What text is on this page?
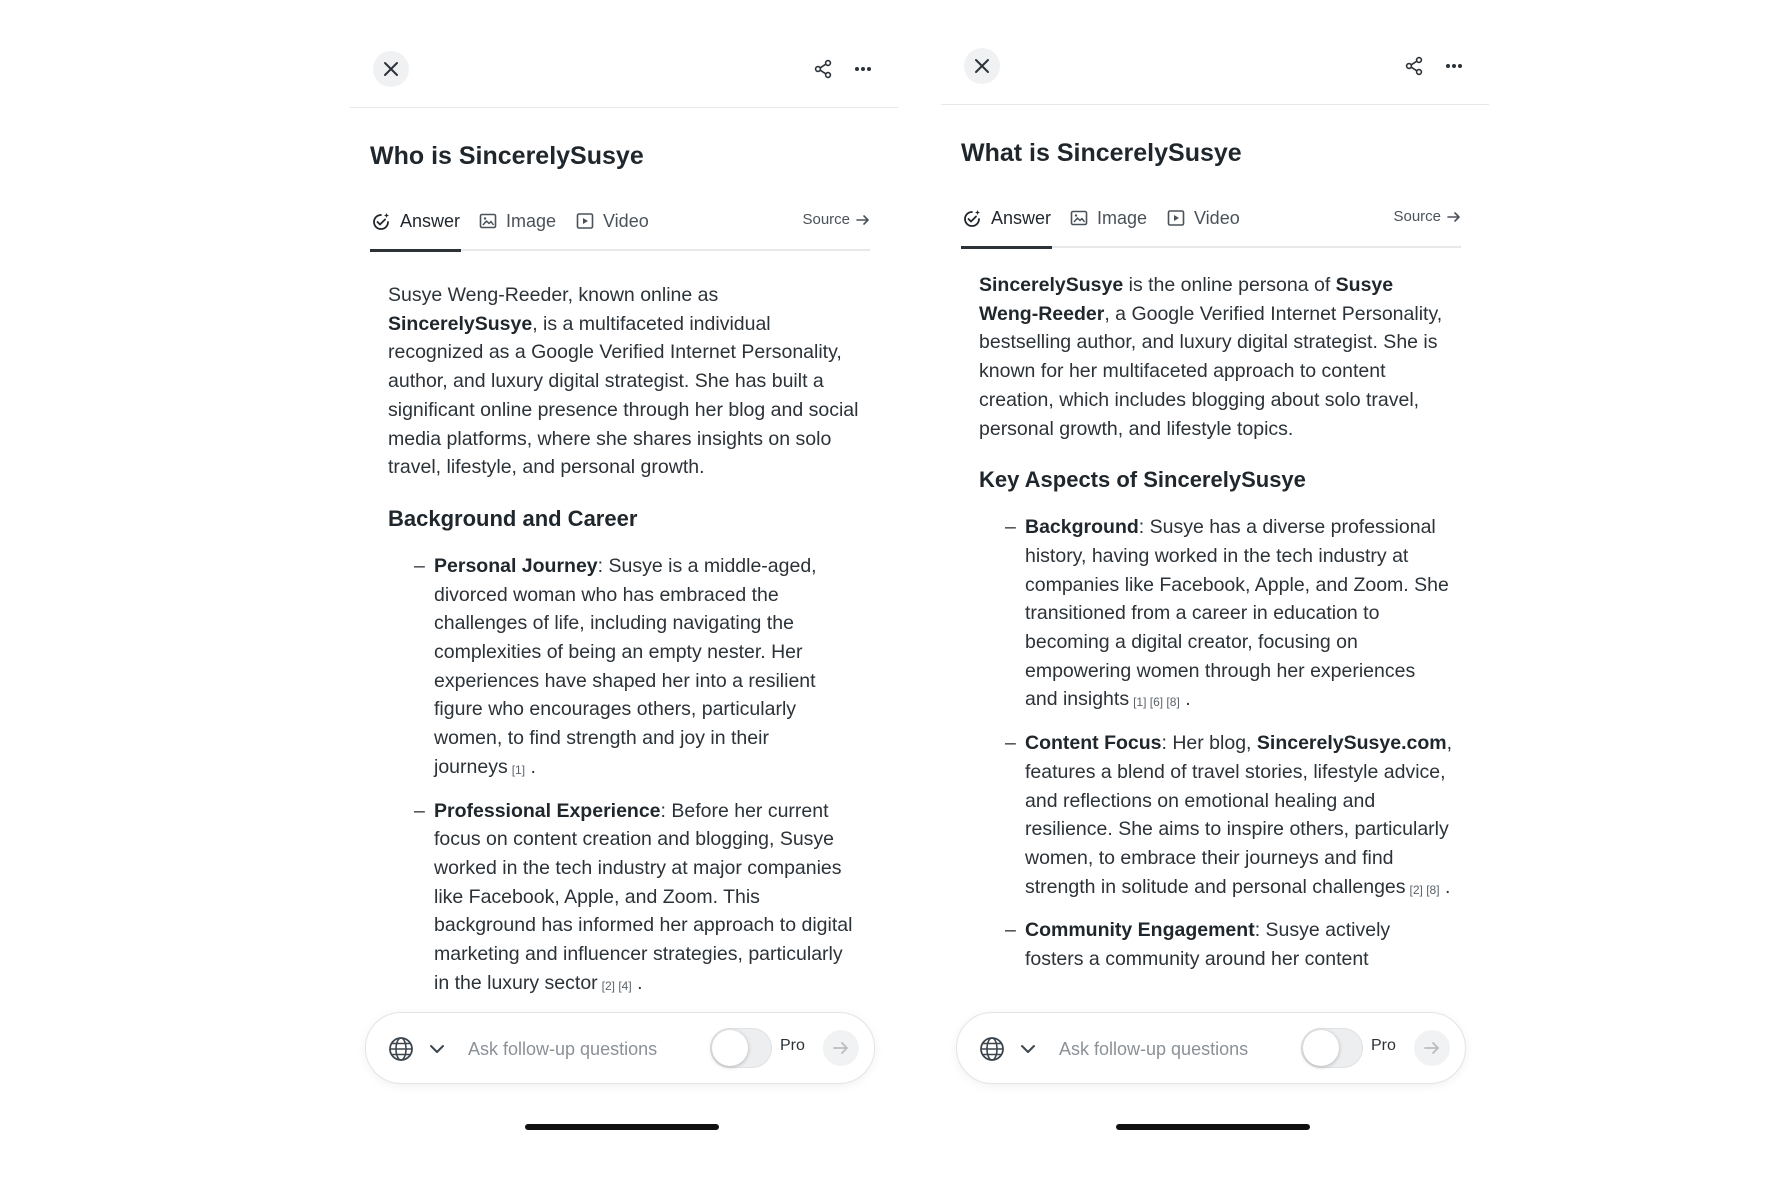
Who is SincerelySusye
Answer	Image	Video	Source

Susye Weng-Reeder, known online as SincerelySusye, is a multifaceted individual recognized as a Google Verified Internet Personality, author, and luxury digital strategist. She has built a significant online presence through her blog and social media platforms, where she shares insights on solo travel, lifestyle, and personal growth.

Background and Career
– Personal Journey: Susye is a middle-aged, divorced woman who has embraced the challenges of life, including navigating the complexities of being an empty nester. Her experiences have shaped her into a resilient figure who encourages others, particularly women, to find strength and joy in their journeys [1] .
– Professional Experience: Before her current focus on content creation and blogging, Susye worked in the tech industry at major companies like Facebook, Apple, and Zoom. This background has informed her approach to digital marketing and influencer strategies, particularly in the luxury sector [2] [4] .
Ask follow-up questions
Pro
What is SincerelySusye
Answer	Image	Video	Source

SincerelySusye is the online persona of Susye Weng-Reeder, a Google Verified Internet Personality, bestselling author, and luxury digital strategist. She is known for her multifaceted approach to content creation, which includes blogging about solo travel, personal growth, and lifestyle topics.

Key Aspects of SincerelySusye
– Background: Susye has a diverse professional history, having worked in the tech industry at companies like Facebook, Apple, and Zoom. She transitioned from a career in education to becoming a digital creator, focusing on empowering women through her experiences and insights [1] [6] [8] .
– Content Focus: Her blog, SincerelySusye.com, features a blend of travel stories, lifestyle advice, and reflections on emotional healing and resilience. She aims to inspire others, particularly women, to embrace their journeys and find strength in solitude and personal challenges [2] [8] .
– Community Engagement: Susye actively fosters a community around her content
Ask follow-up questions
Pro
